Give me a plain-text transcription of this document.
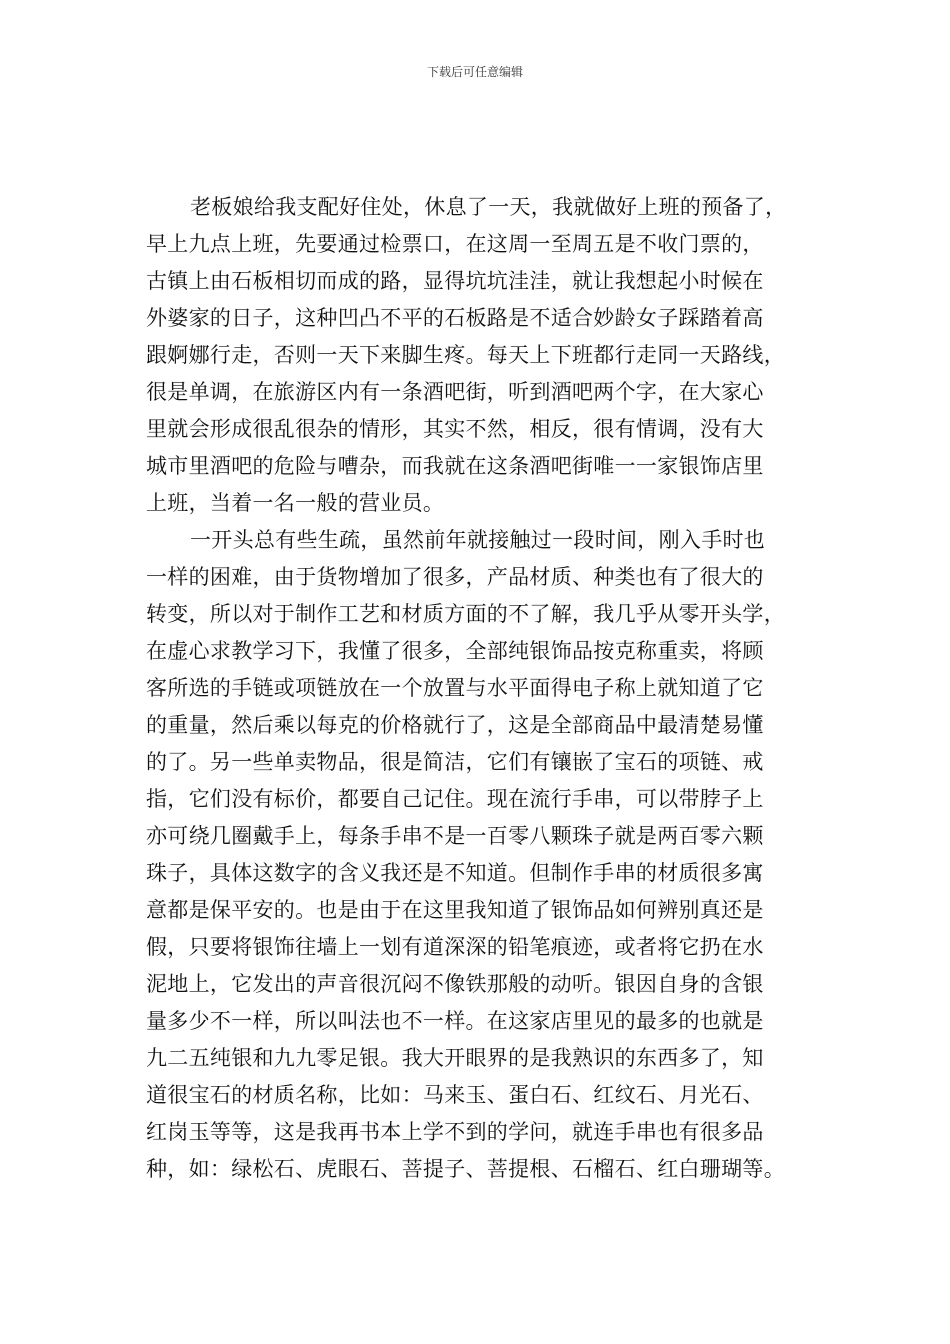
下载后可任意编辑
老板娘给我支配好住处，休息了一天，我就做好上班的预备了，
早上九点上班，先要通过检票口，在这周一至周五是不收门票的，
古镇上由石板相切而成的路，显得坑坑洼洼，就让我想起小时候在
外婆家的日子，这种凹凸不平的石板路是不适合妙龄女子踩踏着高
跟婀娜行走，否则一天下来脚生疼。每天上下班都行走同一天路线，
很是单调，在旅游区内有一条酒吧街，听到酒吧两个字，在大家心
里就会形成很乱很杂的情形，其实不然，相反，很有情调，没有大
城市里酒吧的危险与嘈杂，而我就在这条酒吧街唯一一家银饰店里
上班，当着一名一般的营业员。
一开头总有些生疏，虽然前年就接触过一段时间，刚入手时也
一样的困难，由于货物增加了很多，产品材质、种类也有了很大的
转变，所以对于制作工艺和材质方面的不了解，我几乎从零开头学，
在虚心求教学习下，我懂了很多，全部纯银饰品按克称重卖，将顾
客所选的手链或项链放在一个放置与水平面得电子称上就知道了它
的重量，然后乘以每克的价格就行了，这是全部商品中最清楚易懂
的了。另一些单卖物品，很是简洁，它们有镶嵌了宝石的项链、戒
指，它们没有标价，都要自己记住。现在流行手串，可以带脖子上
亦可绕几圈戴手上，每条手串不是一百零八颗珠子就是两百零六颗
珠子，具体这数字的含义我还是不知道。但制作手串的材质很多寓
意都是保平安的。也是由于在这里我知道了银饰品如何辨别真还是
假，只要将银饰往墙上一划有道深深的铅笔痕迹，或者将它扔在水
泥地上，它发出的声音很沉闷不像铁那般的动听。银因自身的含银
量多少不一样，所以叫法也不一样。在这家店里见的最多的也就是
九二五纯银和九九零足银。我大开眼界的是我熟识的东西多了，知
道很宝石的材质名称，比如：马来玉、蛋白石、红纹石、月光石、
红岗玉等等，这是我再书本上学不到的学问，就连手串也有很多品
种，如：绿松石、虎眼石、菩提子、菩提根、石榴石、红白珊瑚等。
